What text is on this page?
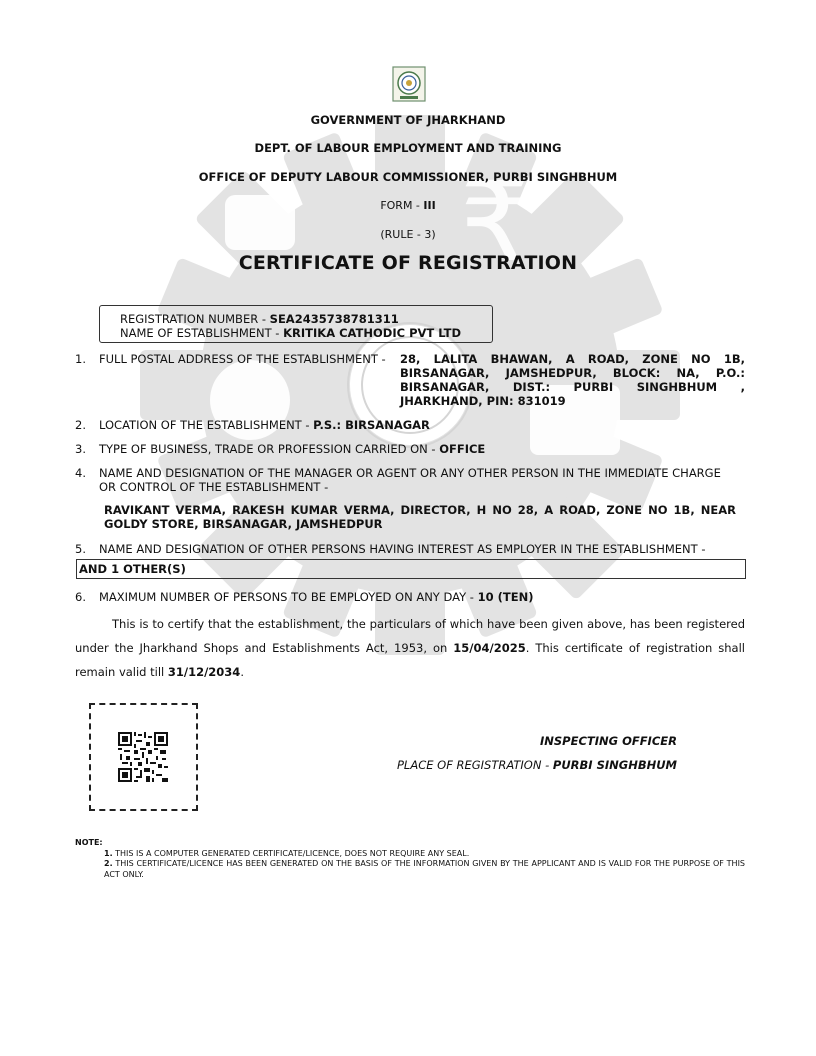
₹
GOVERNMENT OF JHARKHAND
DEPT. OF LABOUR EMPLOYMENT AND TRAINING
OFFICE OF DEPUTY LABOUR COMMISSIONER, PURBI SINGHBHUM
FORM - III
(RULE - 3)
CERTIFICATE OF REGISTRATION
REGISTRATION NUMBER - SEA2435738781311
NAME OF ESTABLISHMENT - KRITIKA CATHODIC PVT LTD
1. FULL POSTAL ADDRESS OF THE ESTABLISHMENT - 28, LALITA BHAWAN, A ROAD, ZONE NO 1B,
BIRSANAGAR, JAMSHEDPUR, BLOCK: NA, P.O.:
BIRSANAGAR, DIST.: PURBI SINGHBHUM ,
JHARKHAND, PIN: 831019
2. LOCATION OF THE ESTABLISHMENT - P.S.: BIRSANAGAR
3. TYPE OF BUSINESS, TRADE OR PROFESSION CARRIED ON - OFFICE
4. NAME AND DESIGNATION OF THE MANAGER OR AGENT OR ANY OTHER PERSON IN THE IMMEDIATE CHARGE
OR CONTROL OF THE ESTABLISHMENT -
RAVIKANT VERMA, RAKESH KUMAR VERMA, DIRECTOR, H NO 28, A ROAD, ZONE NO 1B, NEAR GOLDY STORE, BIRSANAGAR, JAMSHEDPUR
5. NAME AND DESIGNATION OF OTHER PERSONS HAVING INTEREST AS EMPLOYER IN THE ESTABLISHMENT -
AND 1 OTHER(S)
6. MAXIMUM NUMBER OF PERSONS TO BE EMPLOYED ON ANY DAY - 10 (TEN)
This is to certify that the establishment, the particulars of which have been given above, has been registered under the Jharkhand Shops and Establishments Act, 1953, on 15/04/2025. This certificate of registration shall remain valid till 31/12/2034.
INSPECTING OFFICER
PLACE OF REGISTRATION - PURBI SINGHBHUM
NOTE:
1. THIS IS A COMPUTER GENERATED CERTIFICATE/LICENCE, DOES NOT REQUIRE ANY SEAL.
2. THIS CERTIFICATE/LICENCE HAS BEEN GENERATED ON THE BASIS OF THE INFORMATION GIVEN BY THE APPLICANT AND IS VALID FOR THE PURPOSE OF THIS ACT ONLY.
